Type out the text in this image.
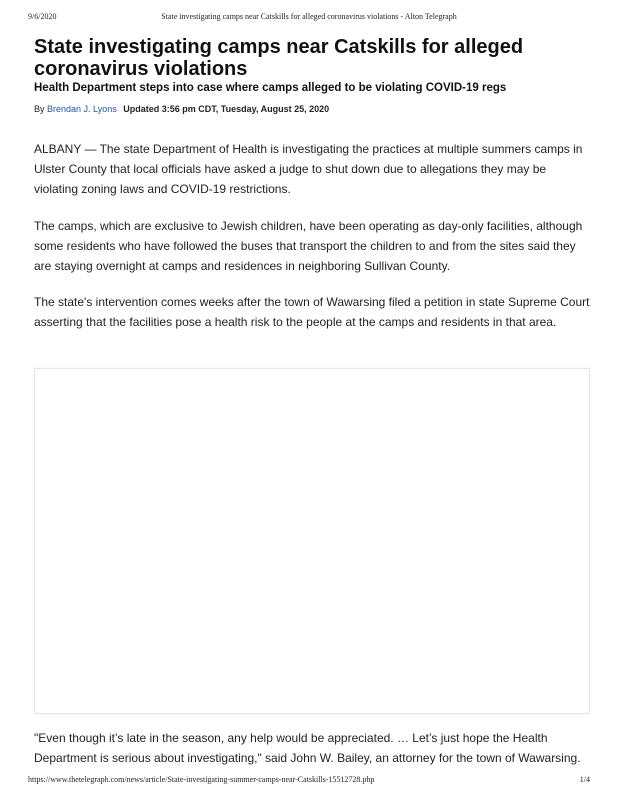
9/6/2020	State investigating camps near Catskills for alleged coronavirus violations - Alton Telegraph
State investigating camps near Catskills for alleged coronavirus violations
Health Department steps into case where camps alleged to be violating COVID-19 regs
By Brendan J. Lyons Updated 3:56 pm CDT, Tuesday, August 25, 2020

ALBANY — The state Department of Health is investigating the practices at multiple summers camps in Ulster County that local officials have asked a judge to shut down due to allegations they may be violating zoning laws and COVID-19 restrictions.

The camps, which are exclusive to Jewish children, have been operating as day-only facilities, although some residents who have followed the buses that transport the children to and from the sites said they are staying overnight at camps and residences in neighboring Sullivan County.

The state's intervention comes weeks after the town of Wawarsing filed a petition in state Supreme Court asserting that the facilities pose a health risk to the people at the camps and residents in that area.

"Even though it’s late in the season, any help would be appreciated. … Let’s just hope the Health Department is serious about investigating," said John W. Bailey, an attorney for the town of Wawarsing.

https://www.thetelegraph.com/news/article/State-investigating-summer-camps-near-Catskills-15512728.php	1/4
